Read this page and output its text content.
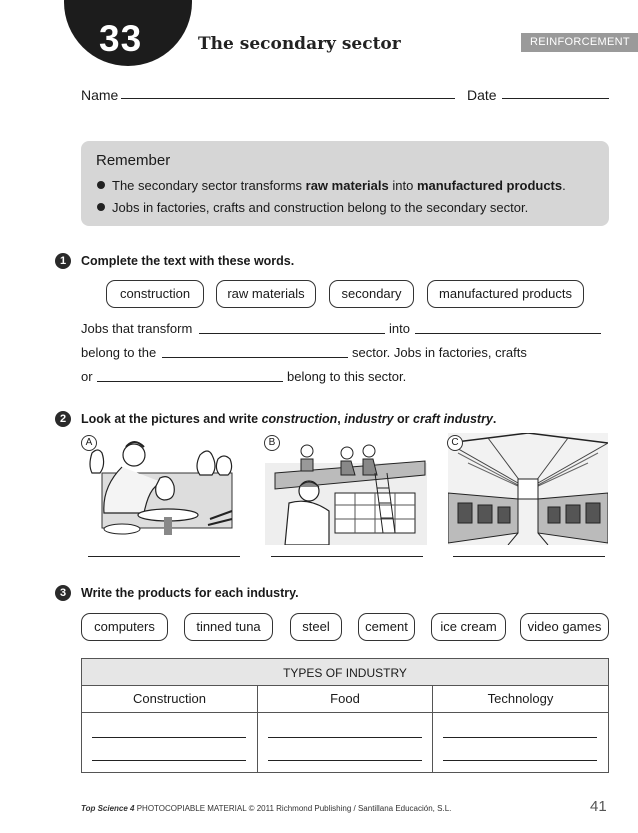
33	The secondary sector	REINFORCEMENT
Name	Date
Remember
The secondary sector transforms raw materials into manufactured products.
Jobs in factories, crafts and construction belong to the secondary sector.
1	Complete the text with these words.
construction	raw materials	secondary	manufactured products
Jobs that transform	into
belong to the	sector. Jobs in factories, crafts
or	belong to this sector.
2	Look at the pictures and write construction, industry or craft industry.
A	B	C
3	Write the products for each industry.
computers	tinned tuna	steel	cement	ice cream	video games
TYPES OF INDUSTRY
Construction	Food	Technology
Top Science 4 PHOTOCOPIABLE MATERIAL © 2011 Richmond Publishing / Santillana Educación, S.L.	41
